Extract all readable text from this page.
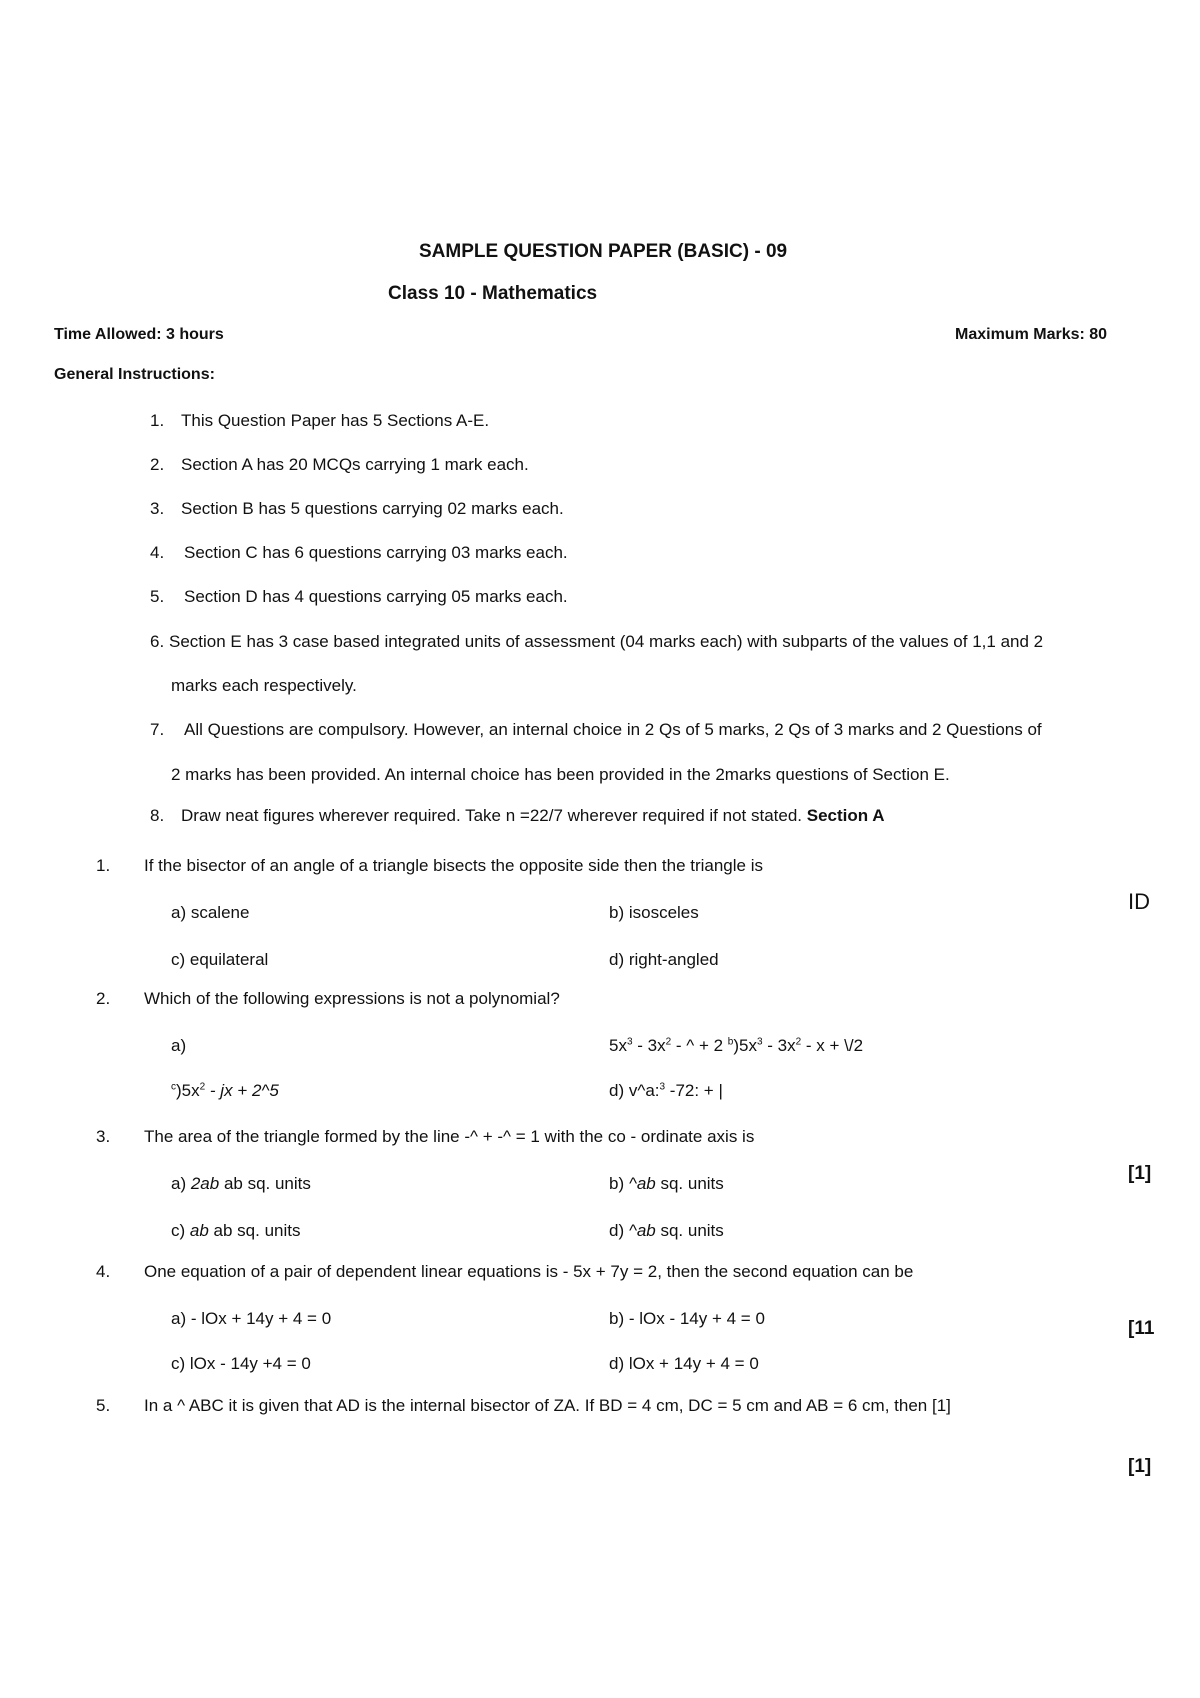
SAMPLE QUESTION PAPER (BASIC) - 09
Class 10 - Mathematics
Time Allowed: 3 hours	Maximum Marks: 80
General Instructions:
1. This Question Paper has 5 Sections A-E.
2. Section A has 20 MCQs carrying 1 mark each.
3. Section B has 5 questions carrying 02 marks each.
4. Section C has 6 questions carrying 03 marks each.
5. Section D has 4 questions carrying 05 marks each.
6. Section E has 3 case based integrated units of assessment (04 marks each) with subparts of the values of 1,1 and 2
marks each respectively.
7. All Questions are compulsory. However, an internal choice in 2 Qs of 5 marks, 2 Qs of 3 marks and 2 Questions of
2 marks has been provided. An internal choice has been provided in the 2marks questions of Section E.
8. Draw neat figures wherever required. Take n =22/7 wherever required if not stated. Section A
1. If the bisector of an angle of a triangle bisects the opposite side then the triangle is
a) scalene	b) isosceles
c) equilateral	d) right-angled
ID
2. Which of the following expressions is not a polynomial?
a)	$5x^3 - 3x^2$ - ^ + 2 $^b)5x^3 - 3x^2$ - x + \/2
$^c)5x^2$ - jx + 2^5	d) v^a:$^3$ -72: + |
3. The area of the triangle formed by the line -^ + -^ = 1 with the co - ordinate axis is
a) 2ab ab sq. units	b) ^ab sq. units
c) ab ab sq. units	d) ^ab sq. units
[1]
4. One equation of a pair of dependent linear equations is - 5x + 7y = 2, then the second equation can be
a) - lOx + 14y + 4 = 0	b) - lOx - 14y + 4 = 0
c) lOx - 14y +4 = 0	d) lOx + 14y + 4 = 0
[11
5. In a ^ ABC it is given that AD is the internal bisector of ZA. If BD = 4 cm, DC = 5 cm and AB = 6 cm, then [1]
[1]
